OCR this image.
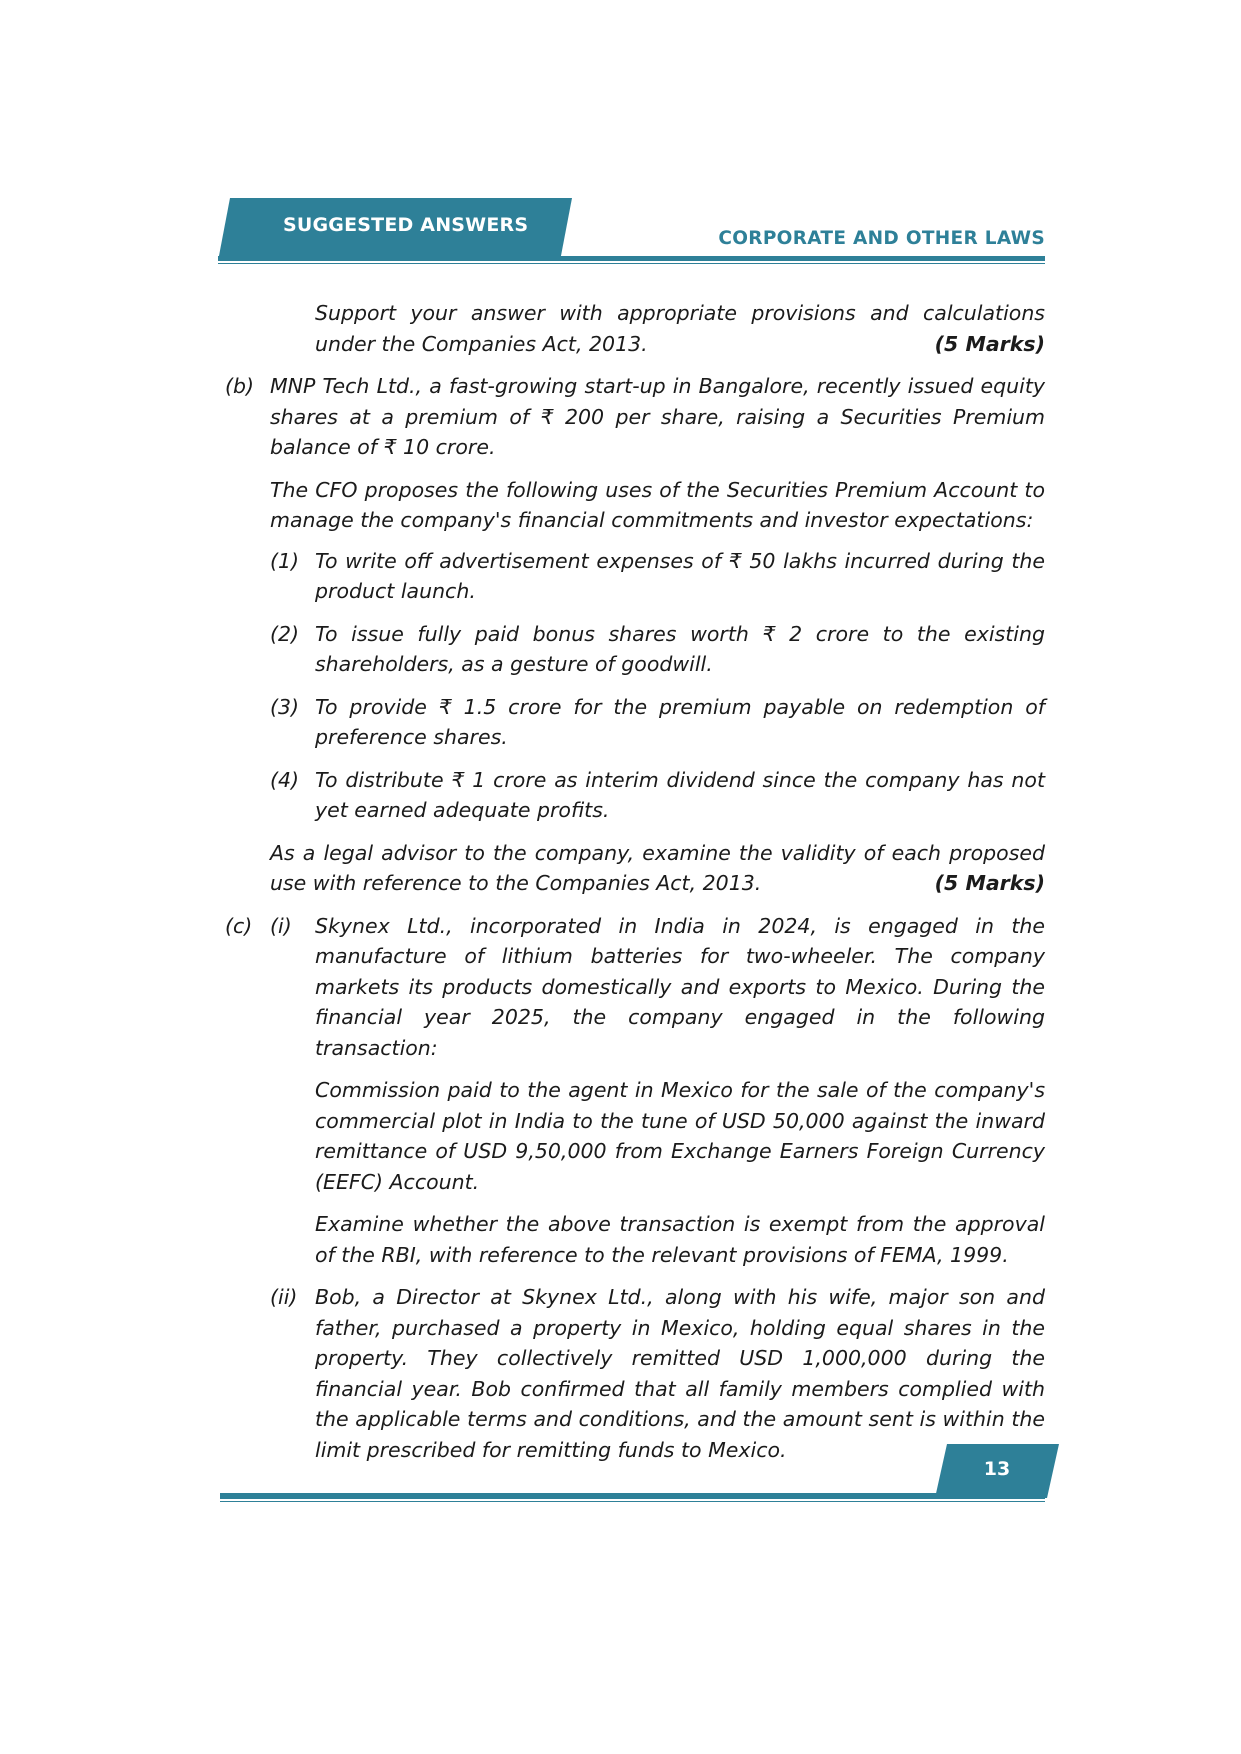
SUGGESTED ANSWERS
CORPORATE AND OTHER LAWS

Support your answer with appropriate provisions and calculations

under the Companies Act, 2013.	(5 Marks)
(b) MNP Tech Ltd., a fast-growing start-up in Bangalore, recently issued equity shares at a premium of ₹ 200 per share, raising a Securities Premium balance of ₹ 10 crore.

The CFO proposes the following uses of the Securities Premium Account to manage the company's financial commitments and investor expectations:

(1) To write off advertisement expenses of ₹ 50 lakhs incurred during the product launch.

(2) To issue fully paid bonus shares worth ₹ 2 crore to the existing shareholders, as a gesture of goodwill.

(3) To provide ₹ 1.5 crore for the premium payable on redemption of preference shares.

(4) To distribute ₹ 1 crore as interim dividend since the company has not yet earned adequate profits.

As a legal advisor to the company, examine the validity of each proposed

use with reference to the Companies Act, 2013.	(5 Marks)
(c) (i)	Skynex Ltd., incorporated in India in 2024, is engaged in the manufacture of lithium batteries for two-wheeler. The company markets its products domestically and exports to Mexico. During the financial year 2025, the company engaged in the following transaction:

Commission paid to the agent in Mexico for the sale of the company's commercial plot in India to the tune of USD 50,000 against the inward remittance of USD 9,50,000 from Exchange Earners Foreign Currency (EEFC) Account.

Examine whether the above transaction is exempt from the approval of the RBI, with reference to the relevant provisions of FEMA, 1999.

(ii) Bob, a Director at Skynex Ltd., along with his wife, major son and father, purchased a property in Mexico, holding equal shares in the property. They collectively remitted USD 1,000,000 during the financial year. Bob confirmed that all family members complied with the applicable terms and conditions, and the amount sent is within the limit prescribed for remitting funds to Mexico.

13
